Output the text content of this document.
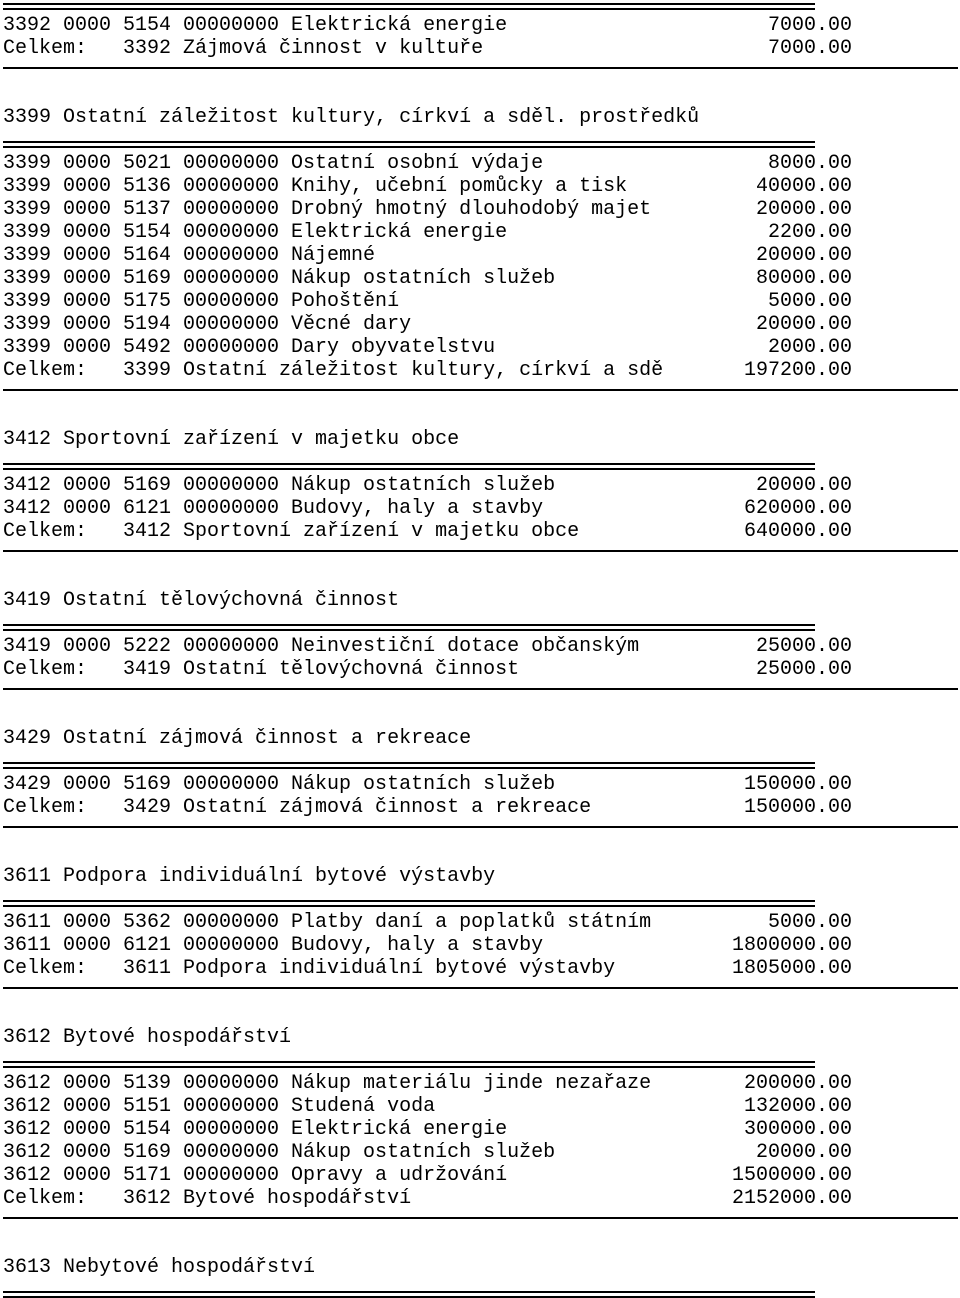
3392 0000 5154 00000000 Elektrická energie	7000.00
Celkem:   3392 Zájmová činnost v kultuře	7000.00
3399 Ostatní záležitost kultury, církví a sděl. prostředků
3399 0000 5021 00000000 Ostatní osobní výdaje	8000.00
3399 0000 5136 00000000 Knihy, učební pomůcky a tisk	40000.00
3399 0000 5137 00000000 Drobný hmotný dlouhodobý majet	20000.00
3399 0000 5154 00000000 Elektrická energie	2200.00
3399 0000 5164 00000000 Nájemné	20000.00
3399 0000 5169 00000000 Nákup ostatních služeb	80000.00
3399 0000 5175 00000000 Pohoštění	5000.00
3399 0000 5194 00000000 Věcné dary	20000.00
3399 0000 5492 00000000 Dary obyvatelstvu	2000.00
Celkem:   3399 Ostatní záležitost kultury, církví a sdě	197200.00
3412 Sportovní zařízení v majetku obce
3412 0000 5169 00000000 Nákup ostatních služeb	20000.00
3412 0000 6121 00000000 Budovy, haly a stavby	620000.00
Celkem:   3412 Sportovní zařízení v majetku obce	640000.00
3419 Ostatní tělovýchovná činnost
3419 0000 5222 00000000 Neinvestiční dotace občanským	25000.00
Celkem:   3419 Ostatní tělovýchovná činnost	25000.00
3429 Ostatní zájmová činnost a rekreace
3429 0000 5169 00000000 Nákup ostatních služeb	150000.00
Celkem:   3429 Ostatní zájmová činnost a rekreace	150000.00
3611 Podpora individuální bytové výstavby
3611 0000 5362 00000000 Platby daní a poplatků státním	5000.00
3611 0000 6121 00000000 Budovy, haly a stavby	1800000.00
Celkem:   3611 Podpora individuální bytové výstavby	1805000.00
3612 Bytové hospodářství
3612 0000 5139 00000000 Nákup materiálu jinde nezařaze	200000.00
3612 0000 5151 00000000 Studená voda	132000.00
3612 0000 5154 00000000 Elektrická energie	300000.00
3612 0000 5169 00000000 Nákup ostatních služeb	20000.00
3612 0000 5171 00000000 Opravy a udržování	1500000.00
Celkem:   3612 Bytové hospodářství	2152000.00
3613 Nebytové hospodářství
